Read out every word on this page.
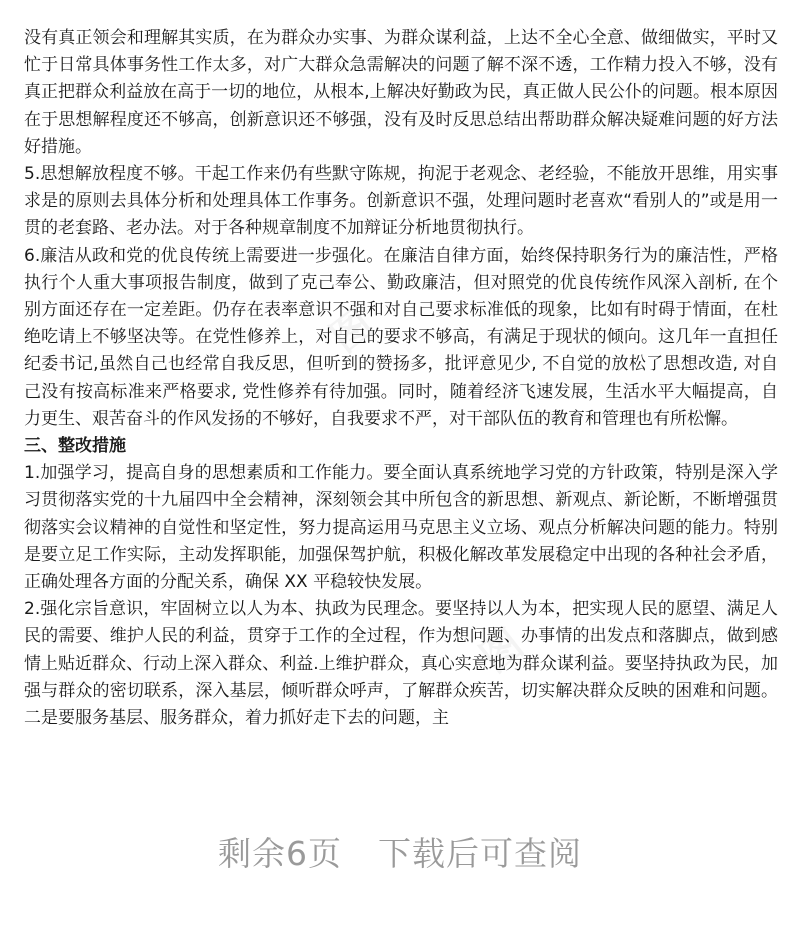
没有真正领会和理解其实质，在为群众办实事、为群众谋利益，上达不全心全意、做细做实，平时又忙于日常具体事务性工作太多，对广大群众急需解决的问题了解不深不透，工作精力投入不够，没有真正把群众利益放在高于一切的地位，从根本,上解决好勤政为民，真正做人民公仆的问题。根本原因在于思想解程度还不够高，创新意识还不够强，没有及时反思总结出帮助群众解决疑难问题的好方法好措施。

5.思想解放程度不够。干起工作来仍有些默守陈规，拘泥于老观念、老经验，不能放开思维，用实事求是的原则去具体分析和处理具体工作事务。创新意识不强，处理问题时老喜欢“看别人的”或是用一贯的老套路、老办法。对于各种规章制度不加辩证分析地贯彻执行。

6.廉洁从政和党的优良传统上需要进一步强化。在廉洁自律方面，始终保持职务行为的廉洁性，严格执行个人重大事项报告制度，做到了克己奉公、勤政廉洁，但对照党的优良传统作风深入剖析, 在个别方面还存在一定差距。仍存在表率意识不强和对自己要求标准低的现象，比如有时碍于情面，在杜绝吃请上不够坚决等。在党性修养上，对自己的要求不够高，有满足于现状的倾向。这几年一直担任纪委书记,虽然自己也经常自我反思，但听到的赞扬多，批评意见少, 不自觉的放松了思想改造, 对自己没有按高标准来严格要求, 党性修养有待加强。同时，随着经济飞速发展，生活水平大幅提高，自力更生、艰苦奋斗的作风发扬的不够好，自我要求不严，对干部队伍的教育和管理也有所松懈。

三、整改措施

1.加强学习，提高自身的思想素质和工作能力。要全面认真系统地学习党的方针政策，特别是深入学习贯彻落实党的十九届四中全会精神，深刻领会其中所包含的新思想、新观点、新论断，不断增强贯彻落实会议精神的自觉性和坚定性，努力提高运用马克思主义立场、观点分析解决问题的能力。特别是要立足工作实际，主动发挥职能，加强保驾护航，积极化解改革发展稳定中出现的各种社会矛盾，正确处理各方面的分配关系，确保 XX 平稳较快发展。

2.强化宗旨意识，牢固树立以人为本、执政为民理念。要坚持以人为本，把实现人民的愿望、满足人民的需要、维护人民的利益，贯穿于工作的全过程，作为想问题、办事情的出发点和落脚点，做到感情上贴近群众、行动上深入群众、利益.上维护群众，真心实意地为群众谋利益。要坚持执政为民，加强与群众的密切联系，深入基层，倾听群众呼声，了解群众疾苦，切实解决群众反映的困难和问题。二是要服务基层、服务群众，着力抓好走下去的问题，主

剩余6页 下载后可查阅
